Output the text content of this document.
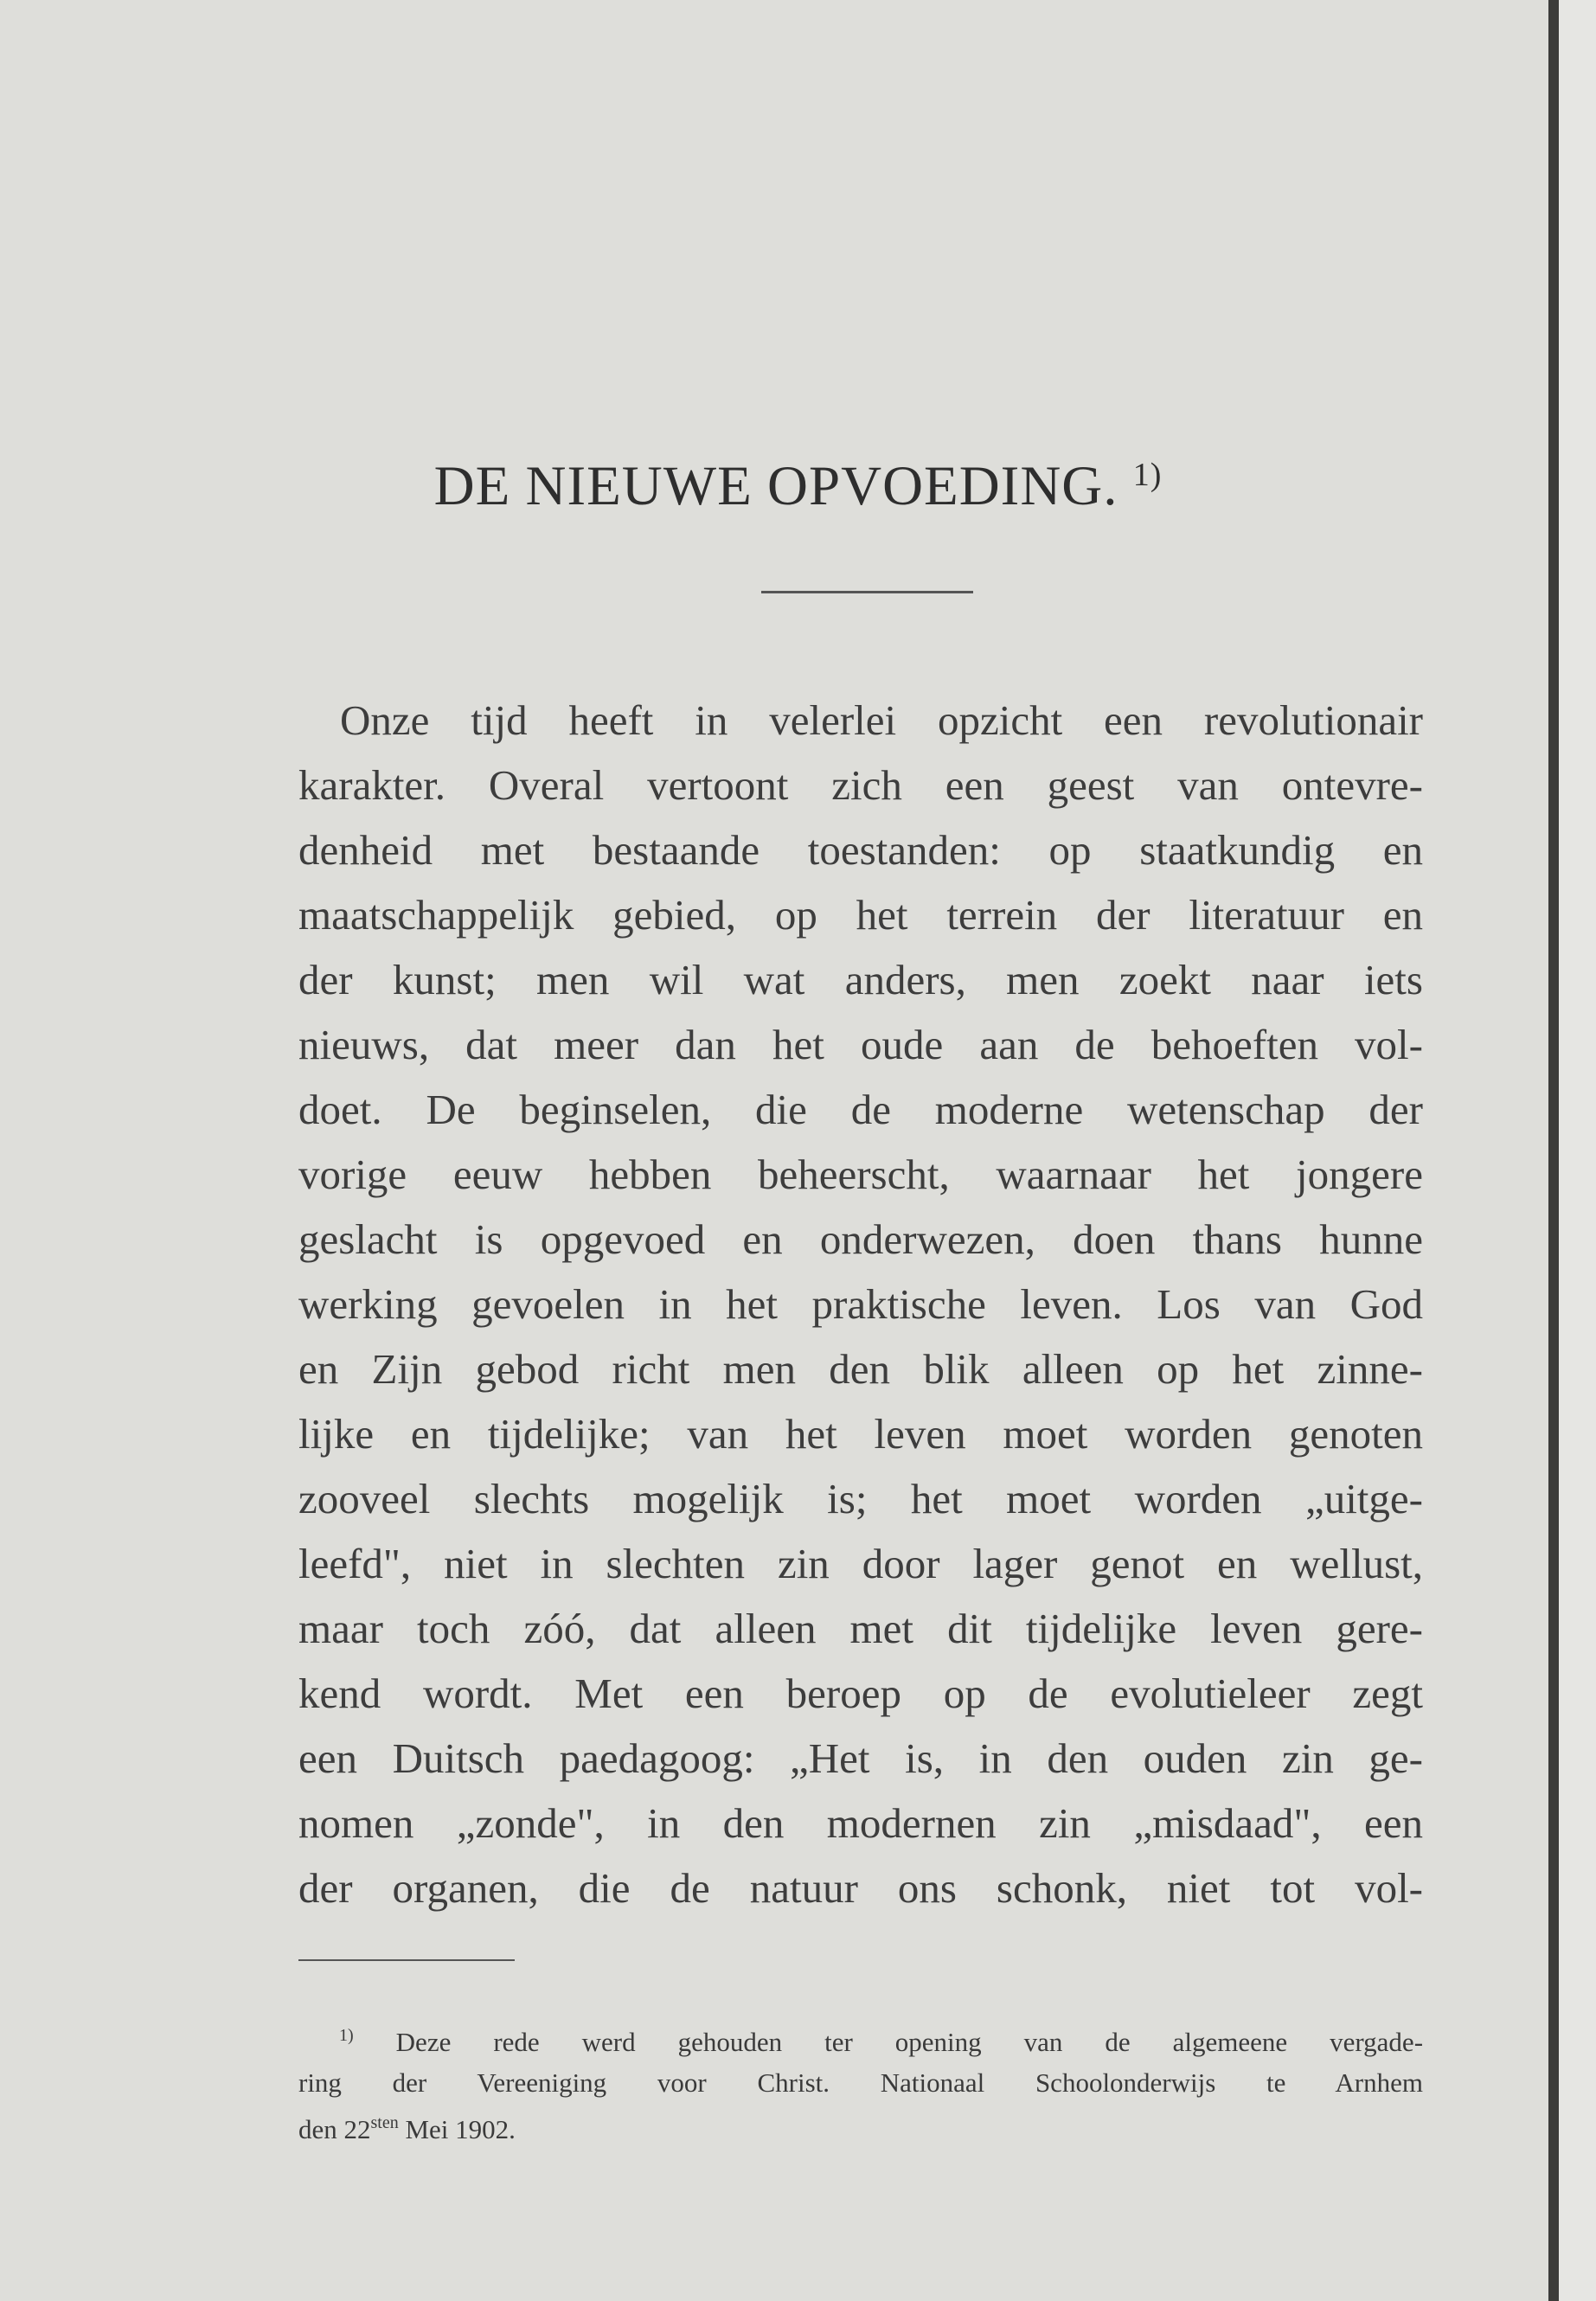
DE NIEUWE OPVOEDING. $^{1)}$
Onze tijd heeft in velerlei opzicht een revolutionair
karakter. Overal vertoont zich een geest van ontevre-
denheid met bestaande toestanden: op staatkundig en
maatschappelijk gebied, op het terrein der literatuur en
der kunst; men wil wat anders, men zoekt naar iets
nieuws, dat meer dan het oude aan de behoeften vol-
doet. De beginselen, die de moderne wetenschap der
vorige eeuw hebben beheerscht, waarnaar het jongere
geslacht is opgevoed en onderwezen, doen thans hunne
werking gevoelen in het praktische leven. Los van God
en Zijn gebod richt men den blik alleen op het zinne-
lijke en tijdelijke; van het leven moet worden genoten
zooveel slechts mogelijk is; het moet worden „uitge-
leefd", niet in slechten zin door lager genot en wellust,
maar toch zóó, dat alleen met dit tijdelijke leven gere-
kend wordt. Met een beroep op de evolutieleer zegt
een Duitsch paedagoog: „Het is, in den ouden zin ge-
nomen „zonde", in den modernen zin „misdaad", een
der organen, die de natuur ons schonk, niet tot vol-
$^{1)}$ Deze rede werd gehouden ter opening van de algemeene vergade-
ring der Vereeniging voor Christ. Nationaal Schoolonderwijs te Arnhem
den $22^{sten}$ Mei 1902.
